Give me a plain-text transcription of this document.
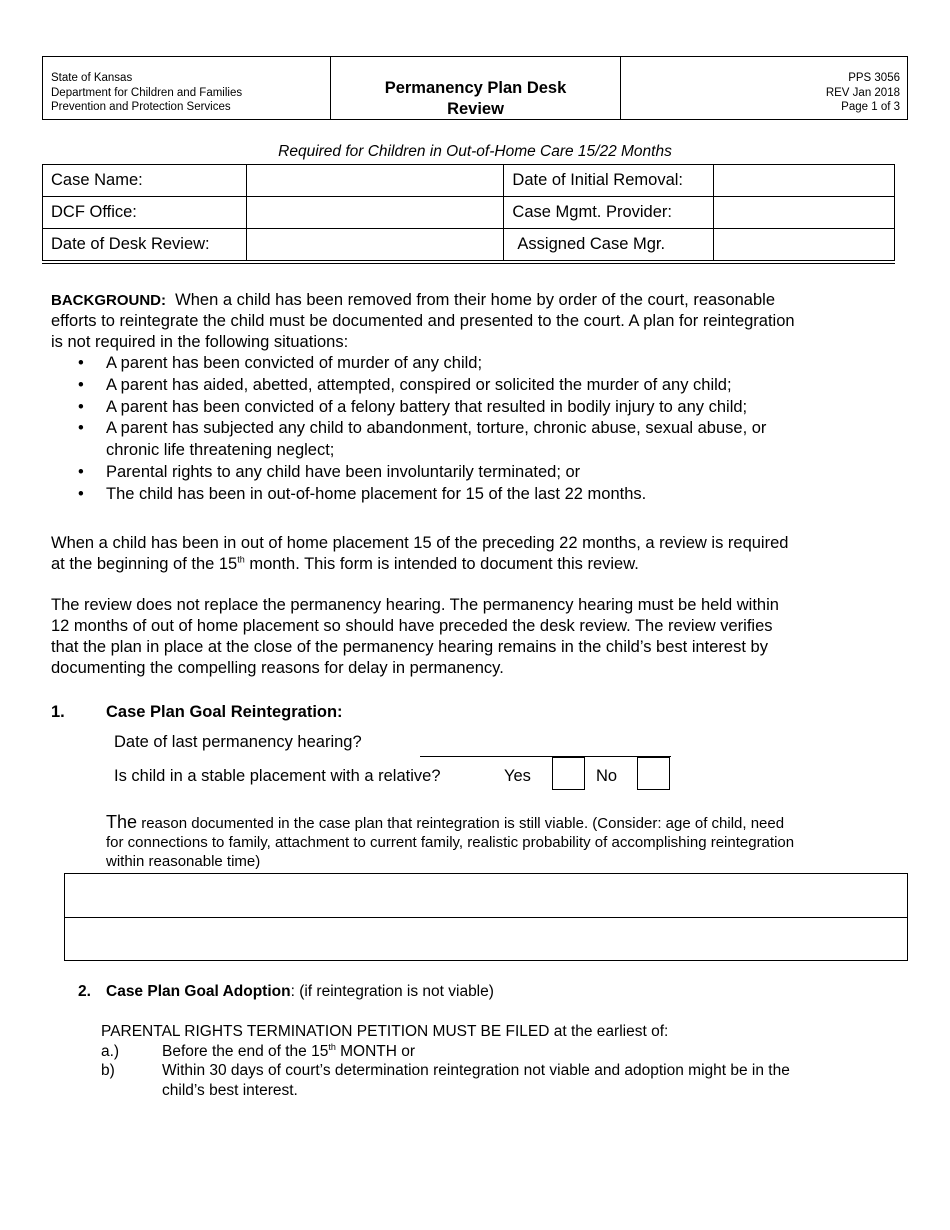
State of Kansas
Department for Children and Families
Prevention and Protection Services
Permanency Plan Desk
Review
PPS 3056
REV Jan 2018
Page 1 of 3
Required for Children in Out-of-Home Care 15/22 Months
Case Name:		Date of Initial Removal:	
DCF Office:		Case Mgmt. Provider:	
Date of Desk Review:		Assigned Case Mgr.	
BACKGROUND: When a child has been removed from their home by order of the court, reasonable
efforts to reintegrate the child must be documented and presented to the court. A plan for reintegration
is not required in the following situations:
• A parent has been convicted of murder of any child;
• A parent has aided, abetted, attempted, conspired or solicited the murder of any child;
• A parent has been convicted of a felony battery that resulted in bodily injury to any child;
• A parent has subjected any child to abandonment, torture, chronic abuse, sexual abuse, or
chronic life threatening neglect;
• Parental rights to any child have been involuntarily terminated; or
• The child has been in out-of-home placement for 15 of the last 22 months.
When a child has been in out of home placement 15 of the preceding 22 months, a review is required
at the beginning of the 15th month. This form is intended to document this review.
The review does not replace the permanency hearing. The permanency hearing must be held within
12 months of out of home placement so should have preceded the desk review. The review verifies
that the plan in place at the close of the permanency hearing remains in the child’s best interest by
documenting the compelling reasons for delay in permanency.
1. Case Plan Goal Reintegration:
Date of last permanency hearing?
Is child in a stable placement with a relative?	Yes	No
The reason documented in the case plan that reintegration is still viable. (Consider: age of child, need
for connections to family, attachment to current family, realistic probability of accomplishing reintegration
within reasonable time)
2. Case Plan Goal Adoption: (if reintegration is not viable)
PARENTAL RIGHTS TERMINATION PETITION MUST BE FILED at the earliest of:
a.)	Before the end of the 15th MONTH or
b)	Within 30 days of court’s determination reintegration not viable and adoption might be in the
child’s best interest.
